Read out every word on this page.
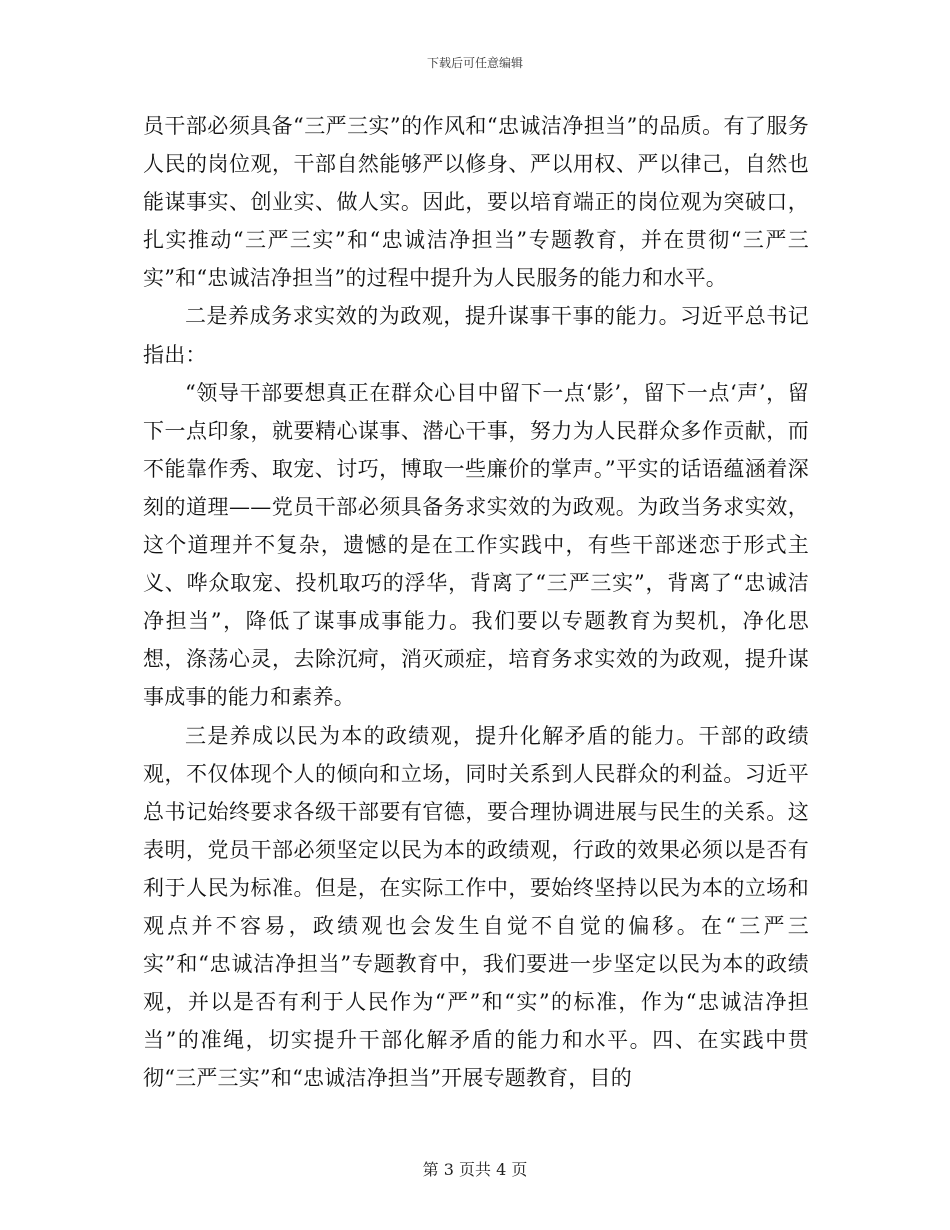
下载后可任意编辑

员干部必须具备“三严三实”的作风和“忠诚洁净担当”的品质。有了服务人民的岗位观，干部自然能够严以修身、严以用权、严以律己，自然也能谋事实、创业实、做人实。因此，要以培育端正的岗位观为突破口，扎实推动“三严三实”和“忠诚洁净担当”专题教育，并在贯彻“三严三实”和“忠诚洁净担当”的过程中提升为人民服务的能力和水平。

二是养成务求实效的为政观，提升谋事干事的能力。习近平总书记指出：

“领导干部要想真正在群众心目中留下一点‘影’，留下一点‘声’，留下一点印象，就要精心谋事、潜心干事，努力为人民群众多作贡献，而不能靠作秀、取宠、讨巧，博取一些廉价的掌声。”平实的话语蕴涵着深刻的道理——党员干部必须具备务求实效的为政观。为政当务求实效，这个道理并不复杂，遗憾的是在工作实践中，有些干部迷恋于形式主义、哗众取宠、投机取巧的浮华，背离了“三严三实”，背离了“忠诚洁净担当”，降低了谋事成事能力。我们要以专题教育为契机，净化思想，涤荡心灵，去除沉疴，消灭顽症，培育务求实效的为政观，提升谋事成事的能力和素养。

三是养成以民为本的政绩观，提升化解矛盾的能力。干部的政绩观，不仅体现个人的倾向和立场，同时关系到人民群众的利益。习近平总书记始终要求各级干部要有官德，要合理协调进展与民生的关系。这表明，党员干部必须坚定以民为本的政绩观，行政的效果必须以是否有利于人民为标准。但是，在实际工作中，要始终坚持以民为本的立场和观点并不容易，政绩观也会发生自觉不自觉的偏移。在“三严三实”和“忠诚洁净担当”专题教育中，我们要进一步坚定以民为本的政绩观，并以是否有利于人民作为“严”和“实”的标准，作为“忠诚洁净担当”的准绳，切实提升干部化解矛盾的能力和水平。四、在实践中贯彻“三严三实”和“忠诚洁净担当”开展专题教育，目的

第 3 页共 4 页
